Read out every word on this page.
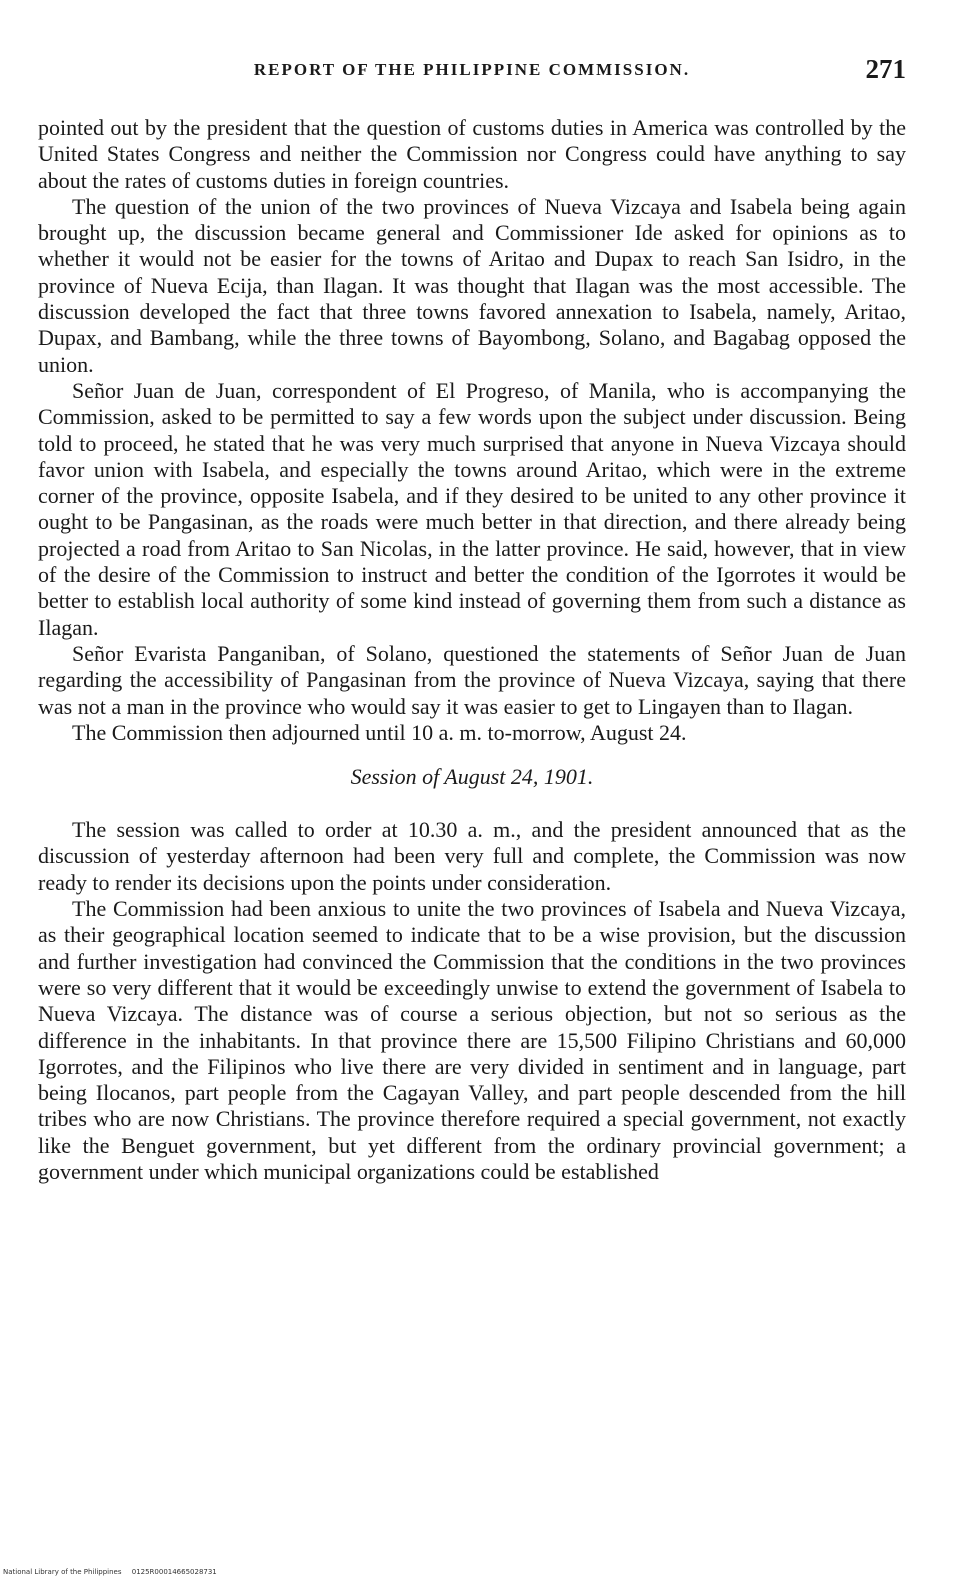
REPORT OF THE PHILIPPINE COMMISSION.	271

pointed out by the president that the question of customs duties in America was controlled by the United States Congress and neither the Commission nor Congress could have anything to say about the rates of customs duties in foreign countries.

The question of the union of the two provinces of Nueva Vizcaya and Isabela being again brought up, the discussion became general and Commissioner Ide asked for opinions as to whether it would not be easier for the towns of Aritao and Dupax to reach San Isidro, in the province of Nueva Ecija, than Ilagan. It was thought that Ilagan was the most accessible. The discussion developed the fact that three towns favored annexation to Isabela, namely, Aritao, Dupax, and Bambang, while the three towns of Bayombong, Solano, and Bagabag opposed the union.

Señor Juan de Juan, correspondent of El Progreso, of Manila, who is accompanying the Commission, asked to be permitted to say a few words upon the subject under discussion. Being told to proceed, he stated that he was very much surprised that anyone in Nueva Vizcaya should favor union with Isabela, and especially the towns around Aritao, which were in the extreme corner of the province, opposite Isabela, and if they desired to be united to any other province it ought to be Pangasinan, as the roads were much better in that direction, and there already being projected a road from Aritao to San Nicolas, in the latter province. He said, however, that in view of the desire of the Commission to instruct and better the condition of the Igorrotes it would be better to establish local authority of some kind instead of governing them from such a distance as Ilagan.

Señor Evarista Panganiban, of Solano, questioned the statements of Señor Juan de Juan regarding the accessibility of Pangasinan from the province of Nueva Vizcaya, saying that there was not a man in the province who would say it was easier to get to Lingayen than to Ilagan.

The Commission then adjourned until 10 a. m. to-morrow, August 24.

Session of August 24, 1901.

The session was called to order at 10.30 a. m., and the president announced that as the discussion of yesterday afternoon had been very full and complete, the Commission was now ready to render its decisions upon the points under consideration.

The Commission had been anxious to unite the two provinces of Isabela and Nueva Vizcaya, as their geographical location seemed to indicate that to be a wise provision, but the discussion and further investigation had convinced the Commission that the conditions in the two provinces were so very different that it would be exceedingly unwise to extend the government of Isabela to Nueva Vizcaya. The distance was of course a serious objection, but not so serious as the difference in the inhabitants. In that province there are 15,500 Filipino Christians and 60,000 Igorrotes, and the Filipinos who live there are very divided in sentiment and in language, part being Ilocanos, part people from the Cagayan Valley, and part people descended from the hill tribes who are now Christians. The province therefore required a special government, not exactly like the Benguet government, but yet different from the ordinary provincial government; a government under which municipal organizations could be established

National Library of the Philippines 0125R00014665028731
